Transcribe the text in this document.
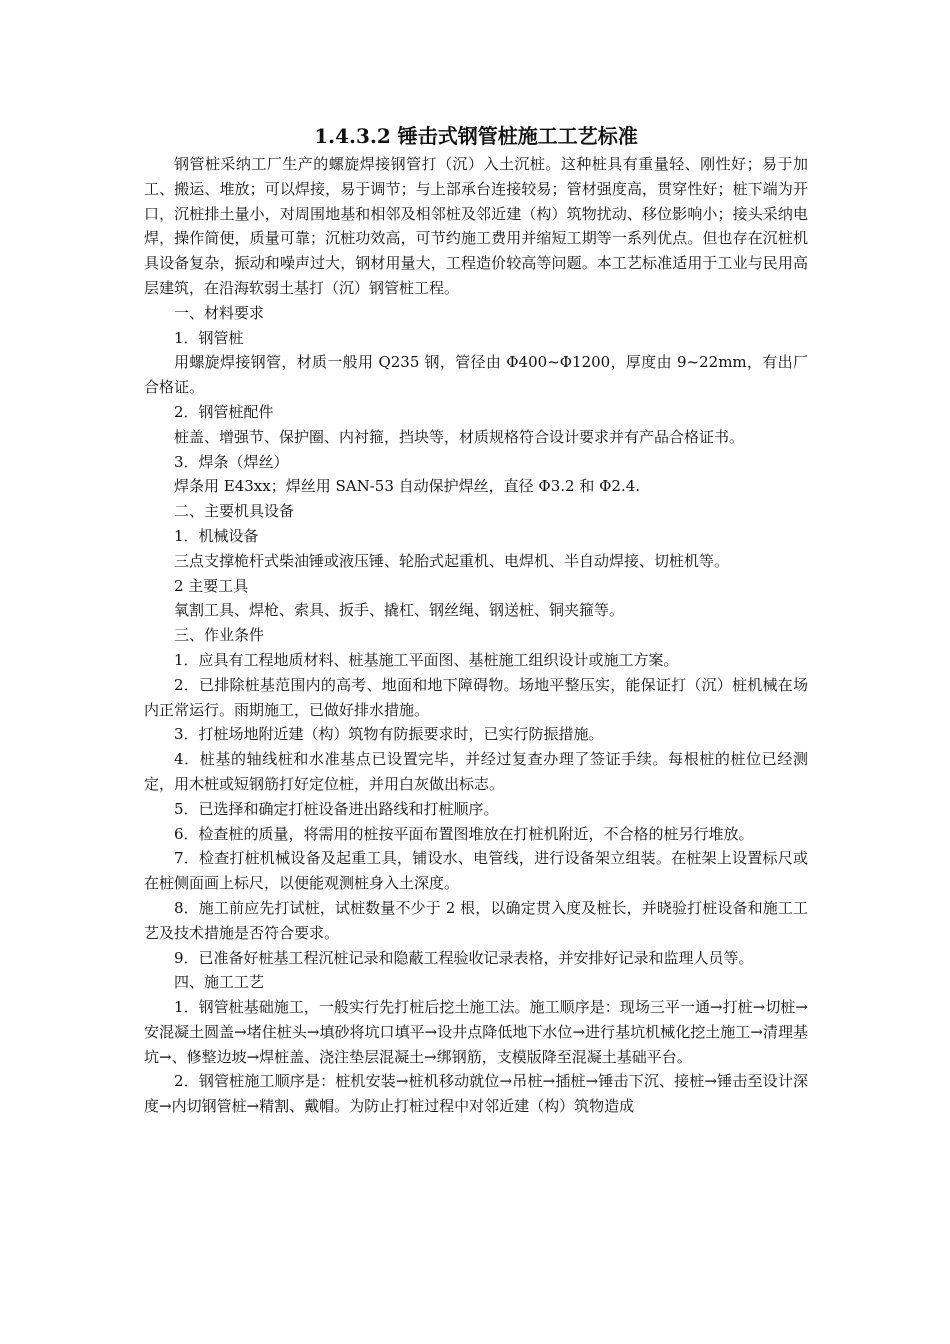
1.4.3.2 锤击式钢管桩施工工艺标准

钢管桩采纳工厂生产的螺旋焊接钢管打（沉）入土沉桩。这种桩具有重量轻、刚性好；易于加工、搬运、堆放；可以焊接，易于调节；与上部承台连接较易；管材强度高，贯穿性好；桩下端为开口，沉桩排土量小，对周围地基和相邻及相邻桩及邻近建（构）筑物扰动、移位影响小；接头采纳电焊，操作简便，质量可靠；沉桩功效高，可节约施工费用并缩短工期等一系列优点。但也存在沉桩机具设备复杂，振动和噪声过大，钢材用量大，工程造价较高等问题。本工艺标准适用于工业与民用高层建筑，在沿海软弱土基打（沉）钢管桩工程。

一、材料要求

1．钢管桩

用螺旋焊接钢管，材质一般用 Q235 钢，管径由 Φ400~Φ1200，厚度由 9~22mm，有出厂合格证。

2．钢管桩配件

桩盖、增强节、保护圈、内衬箍，挡块等，材质规格符合设计要求并有产品合格证书。

3．焊条（焊丝）

焊条用 E43xx；焊丝用 SAN-53 自动保护焊丝，直径 Φ3.2 和 Φ2.4.

二、主要机具设备

1．机械设备

三点支撑桅杆式柴油锤或液压锤、轮胎式起重机、电焊机、半自动焊接、切桩机等。

2 主要工具

氧割工具、焊枪、索具、扳手、撬杠、钢丝绳、钢送桩、铜夹箍等。

三、作业条件

1．应具有工程地质材料、桩基施工平面图、基桩施工组织设计或施工方案。

2．已排除桩基范围内的高考、地面和地下障碍物。场地平整压实，能保证打（沉）桩机械在场内正常运行。雨期施工，已做好排水措施。

3．打桩场地附近建（构）筑物有防振要求时，已实行防振措施。

4．桩基的轴线桩和水准基点已设置完毕，并经过复查办理了签证手续。每根桩的桩位已经测定，用木桩或短钢筋打好定位桩，并用白灰做出标志。

5．已选择和确定打桩设备进出路线和打桩顺序。

6．检查桩的质量，将需用的桩按平面布置图堆放在打桩机附近，不合格的桩另行堆放。

7．检查打桩机械设备及起重工具，铺设水、电管线，进行设备架立组装。在桩架上设置标尺或在桩侧面画上标尺，以便能观测桩身入土深度。

8．施工前应先打试桩，试桩数量不少于 2 根，以确定贯入度及桩长，并晓验打桩设备和施工工艺及技术措施是否符合要求。

9．已准备好桩基工程沉桩记录和隐蔽工程验收记录表格，并安排好记录和监理人员等。

四、施工工艺

1．钢管桩基础施工，一般实行先打桩后挖土施工法。施工顺序是：现场三平一通→打桩→切桩→安混凝土圆盖→堵住桩头→填砂将坑口填平→设井点降低地下水位→进行基坑机械化挖土施工→清理基坑→、修整边坡→焊桩盖、浇注垫层混凝土→绑钢筋，支模版降至混凝土基础平台。

2．钢管桩施工顺序是：桩机安装→桩机移动就位→吊桩→插桩→锤击下沉、接桩→锤击至设计深度→内切钢管桩→精割、戴帽。为防止打桩过程中对邻近建（构）筑物造成
